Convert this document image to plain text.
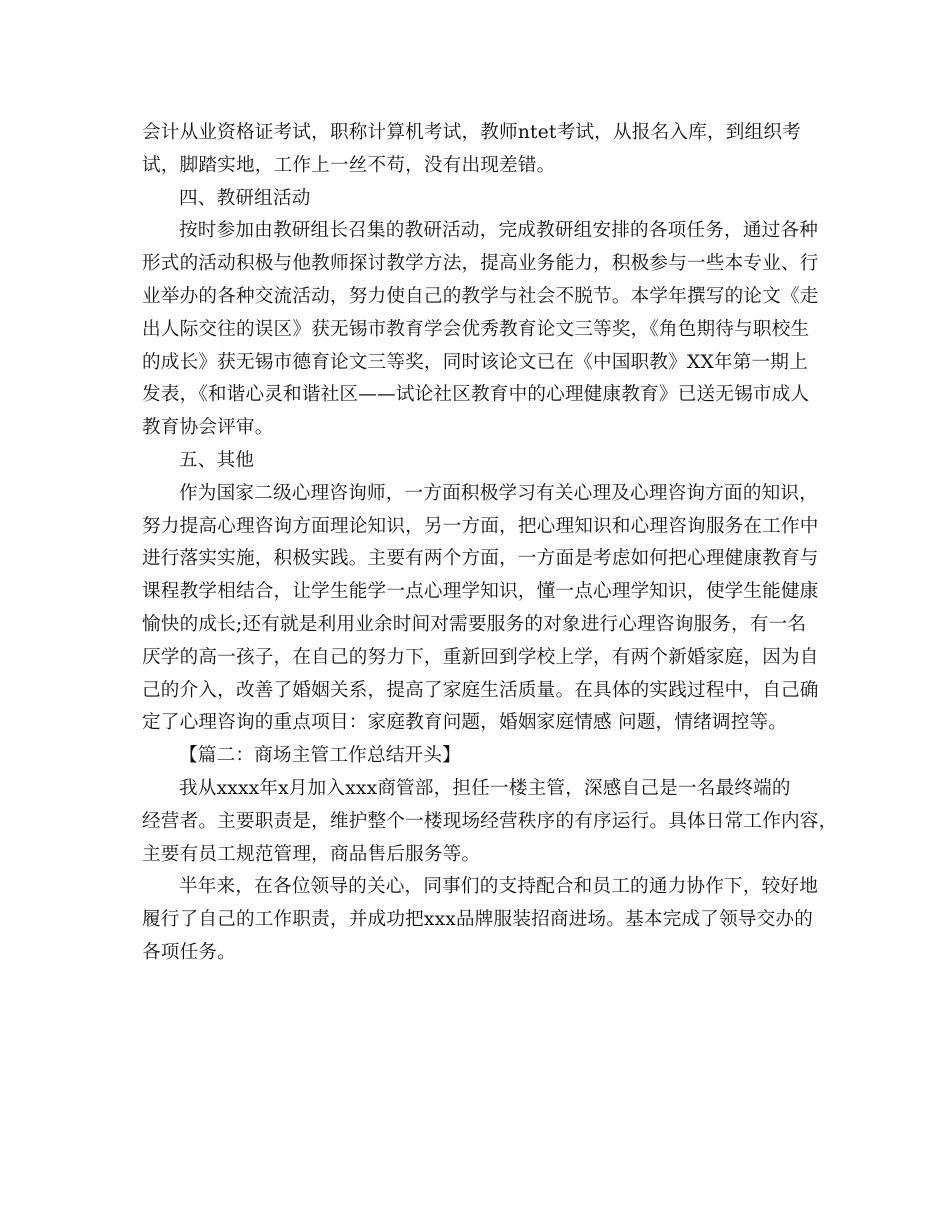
会计从业资格证考试，职称计算机考试，教师ntet考试，从报名入库，到组织考
试，脚踏实地，工作上一丝不苟，没有出现差错。
四、教研组活动
按时参加由教研组长召集的教研活动，完成教研组安排的各项任务，通过各种
形式的活动积极与他教师探讨教学方法，提高业务能力，积极参与一些本专业、行
业举办的各种交流活动，努力使自己的教学与社会不脱节。本学年撰写的论文《走
出人际交往的误区》获无锡市教育学会优秀教育论文三等奖，《角色期待与职校生
的成长》获无锡市德育论文三等奖，同时该论文已在《中国职教》XX年第一期上
发表，《和谐心灵和谐社区——试论社区教育中的心理健康教育》已送无锡市成人
教育协会评审。
五、其他
作为国家二级心理咨询师，一方面积极学习有关心理及心理咨询方面的知识，
努力提高心理咨询方面理论知识，另一方面，把心理知识和心理咨询服务在工作中
进行落实实施，积极实践。主要有两个方面，一方面是考虑如何把心理健康教育与
课程教学相结合，让学生能学一点心理学知识，懂一点心理学知识，使学生能健康
愉快的成长;还有就是利用业余时间对需要服务的对象进行心理咨询服务，有一名
厌学的高一孩子，在自己的努力下，重新回到学校上学，有两个新婚家庭，因为自
己的介入，改善了婚姻关系，提高了家庭生活质量。在具体的实践过程中，自己确
定了心理咨询的重点项目：家庭教育问题，婚姻家庭情感 问题，情绪调控等。
【篇二：商场主管工作总结开头】
我从xxxx年x月加入xxx商管部，担任一楼主管，深感自己是一名最终端的
经营者。主要职责是，维护整个一楼现场经营秩序的有序运行。具体日常工作内容，
主要有员工规范管理，商品售后服务等。
半年来，在各位领导的关心，同事们的支持配合和员工的通力协作下，较好地
履行了自己的工作职责，并成功把xxx品牌服装招商进场。基本完成了领导交办的
各项任务。
